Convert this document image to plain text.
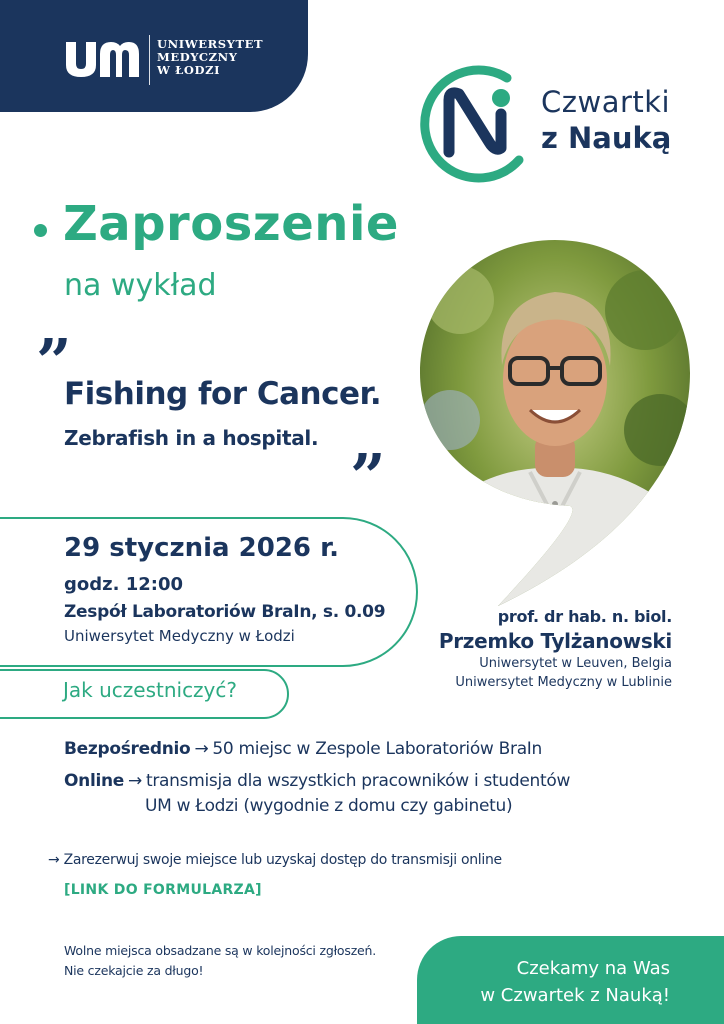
UNIWERSYTET
MEDYCZNY
W ŁODZI
Czwartki
z Nauką
Zaproszenie
na wykład
”
Fishing for Cancer.
Zebrafish in a hospital.
”
29 stycznia 2026 r.
godz. 12:00
Zespół Laboratoriów BraIn, s. 0.09
Uniwersytet Medyczny w Łodzi
prof. dr hab. n. biol.
Przemko Tylżanowski
Uniwersytet w Leuven, Belgia
Uniwersytet Medyczny w Lublinie
Jak uczestniczyć?
Bezpośrednio → 50 miejsc w Zespole Laboratoriów BraIn
Online → transmisja dla wszystkich pracowników i studentów
UM w Łodzi (wygodnie z domu czy gabinetu)
→ Zarezerwuj swoje miejsce lub uzyskaj dostęp do transmisji online
[LINK DO FORMULARZA]
Wolne miejsca obsadzane są w kolejności zgłoszeń.
Nie czekajcie za długo!	Czekamy na Was
w Czwartek z Nauką!
